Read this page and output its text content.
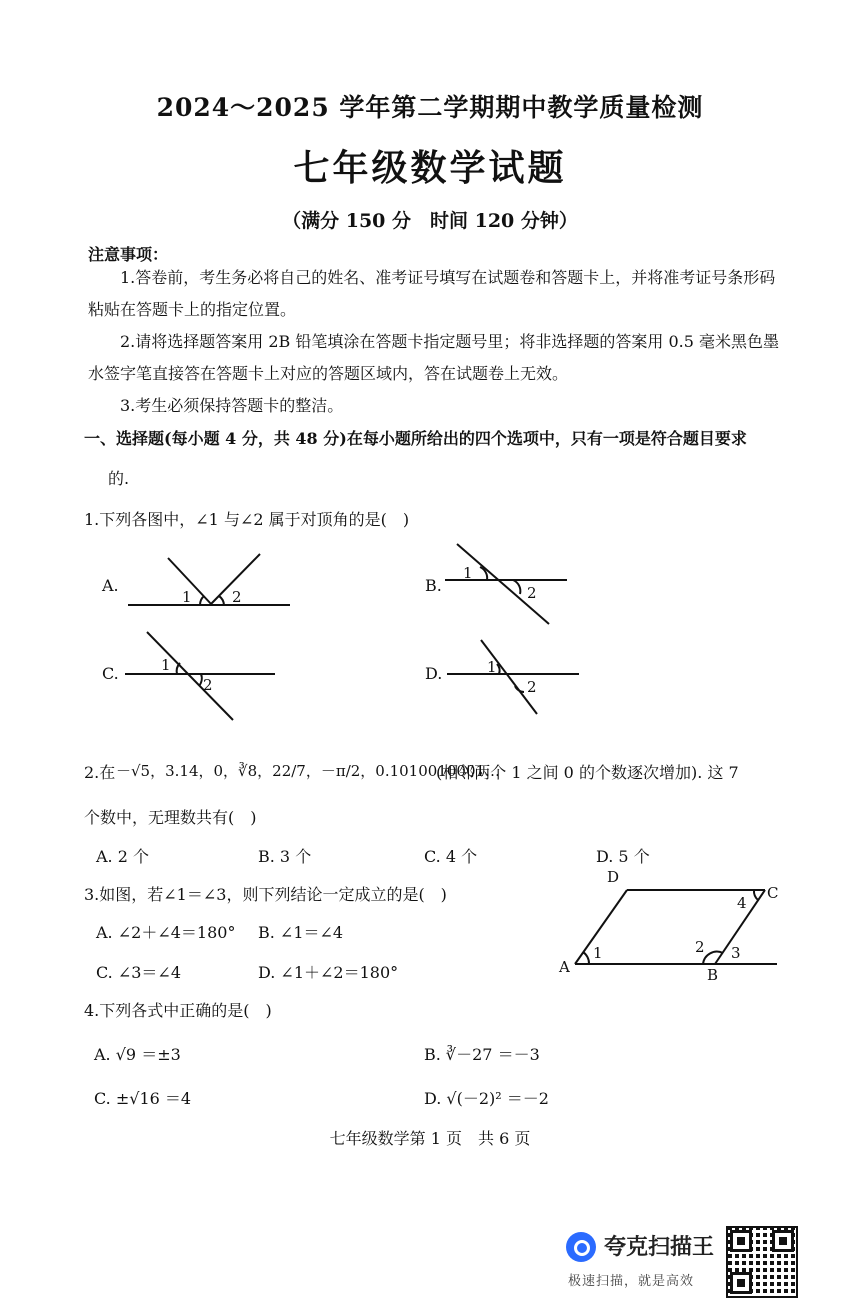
2024～2025 学年第二学期期中教学质量检测
七年级数学试题
（满分 150 分　时间 120 分钟）
注意事项：
1.答卷前，考生务必将自己的姓名、准考证号填写在试题卷和答题卡上，并将准考证号条形码粘贴在答题卡上的指定位置。
2.请将选择题答案用 2B 铅笔填涂在答题卡指定题号里；将非选择题的答案用 0.5 毫米黑色墨水签字笔直接答在答题卡上对应的答题区域内，答在试题卷上无效。
3.考生必须保持答题卡的整洁。
一、选择题(每小题 4 分，共 48 分)在每小题所给出的四个选项中，只有一项是符合题目要求
的.
1.下列各图中，∠1 与∠2 属于对顶角的是(　)
A.
1	2
B.
1
2
C.	1
2
D.	1
2
2.在 －√5，3.14，0，∛8，22/7，－π/2，0.1010010001…
(相邻两个 1 之间 0 的个数逐次增加). 这 7
个数中，无理数共有(　)
A. 2 个	B. 3 个	C. 4 个	D. 5 个
3.如图，若∠1＝∠3，则下列结论一定成立的是(　)
A. ∠2＋∠4＝180° B. ∠1＝∠4
C. ∠3＝∠4	D. ∠1＋∠2＝180°
D
C
A	B
1	2 3
4
4.下列各式中正确的是(　)
A. √9 ＝±3	B. ∛－27 ＝－3
C. ±√16 ＝4	D. √(－2)² ＝－2
七年级数学第 1 页　共 6 页
夸克扫描王
极速扫描，就是高效
